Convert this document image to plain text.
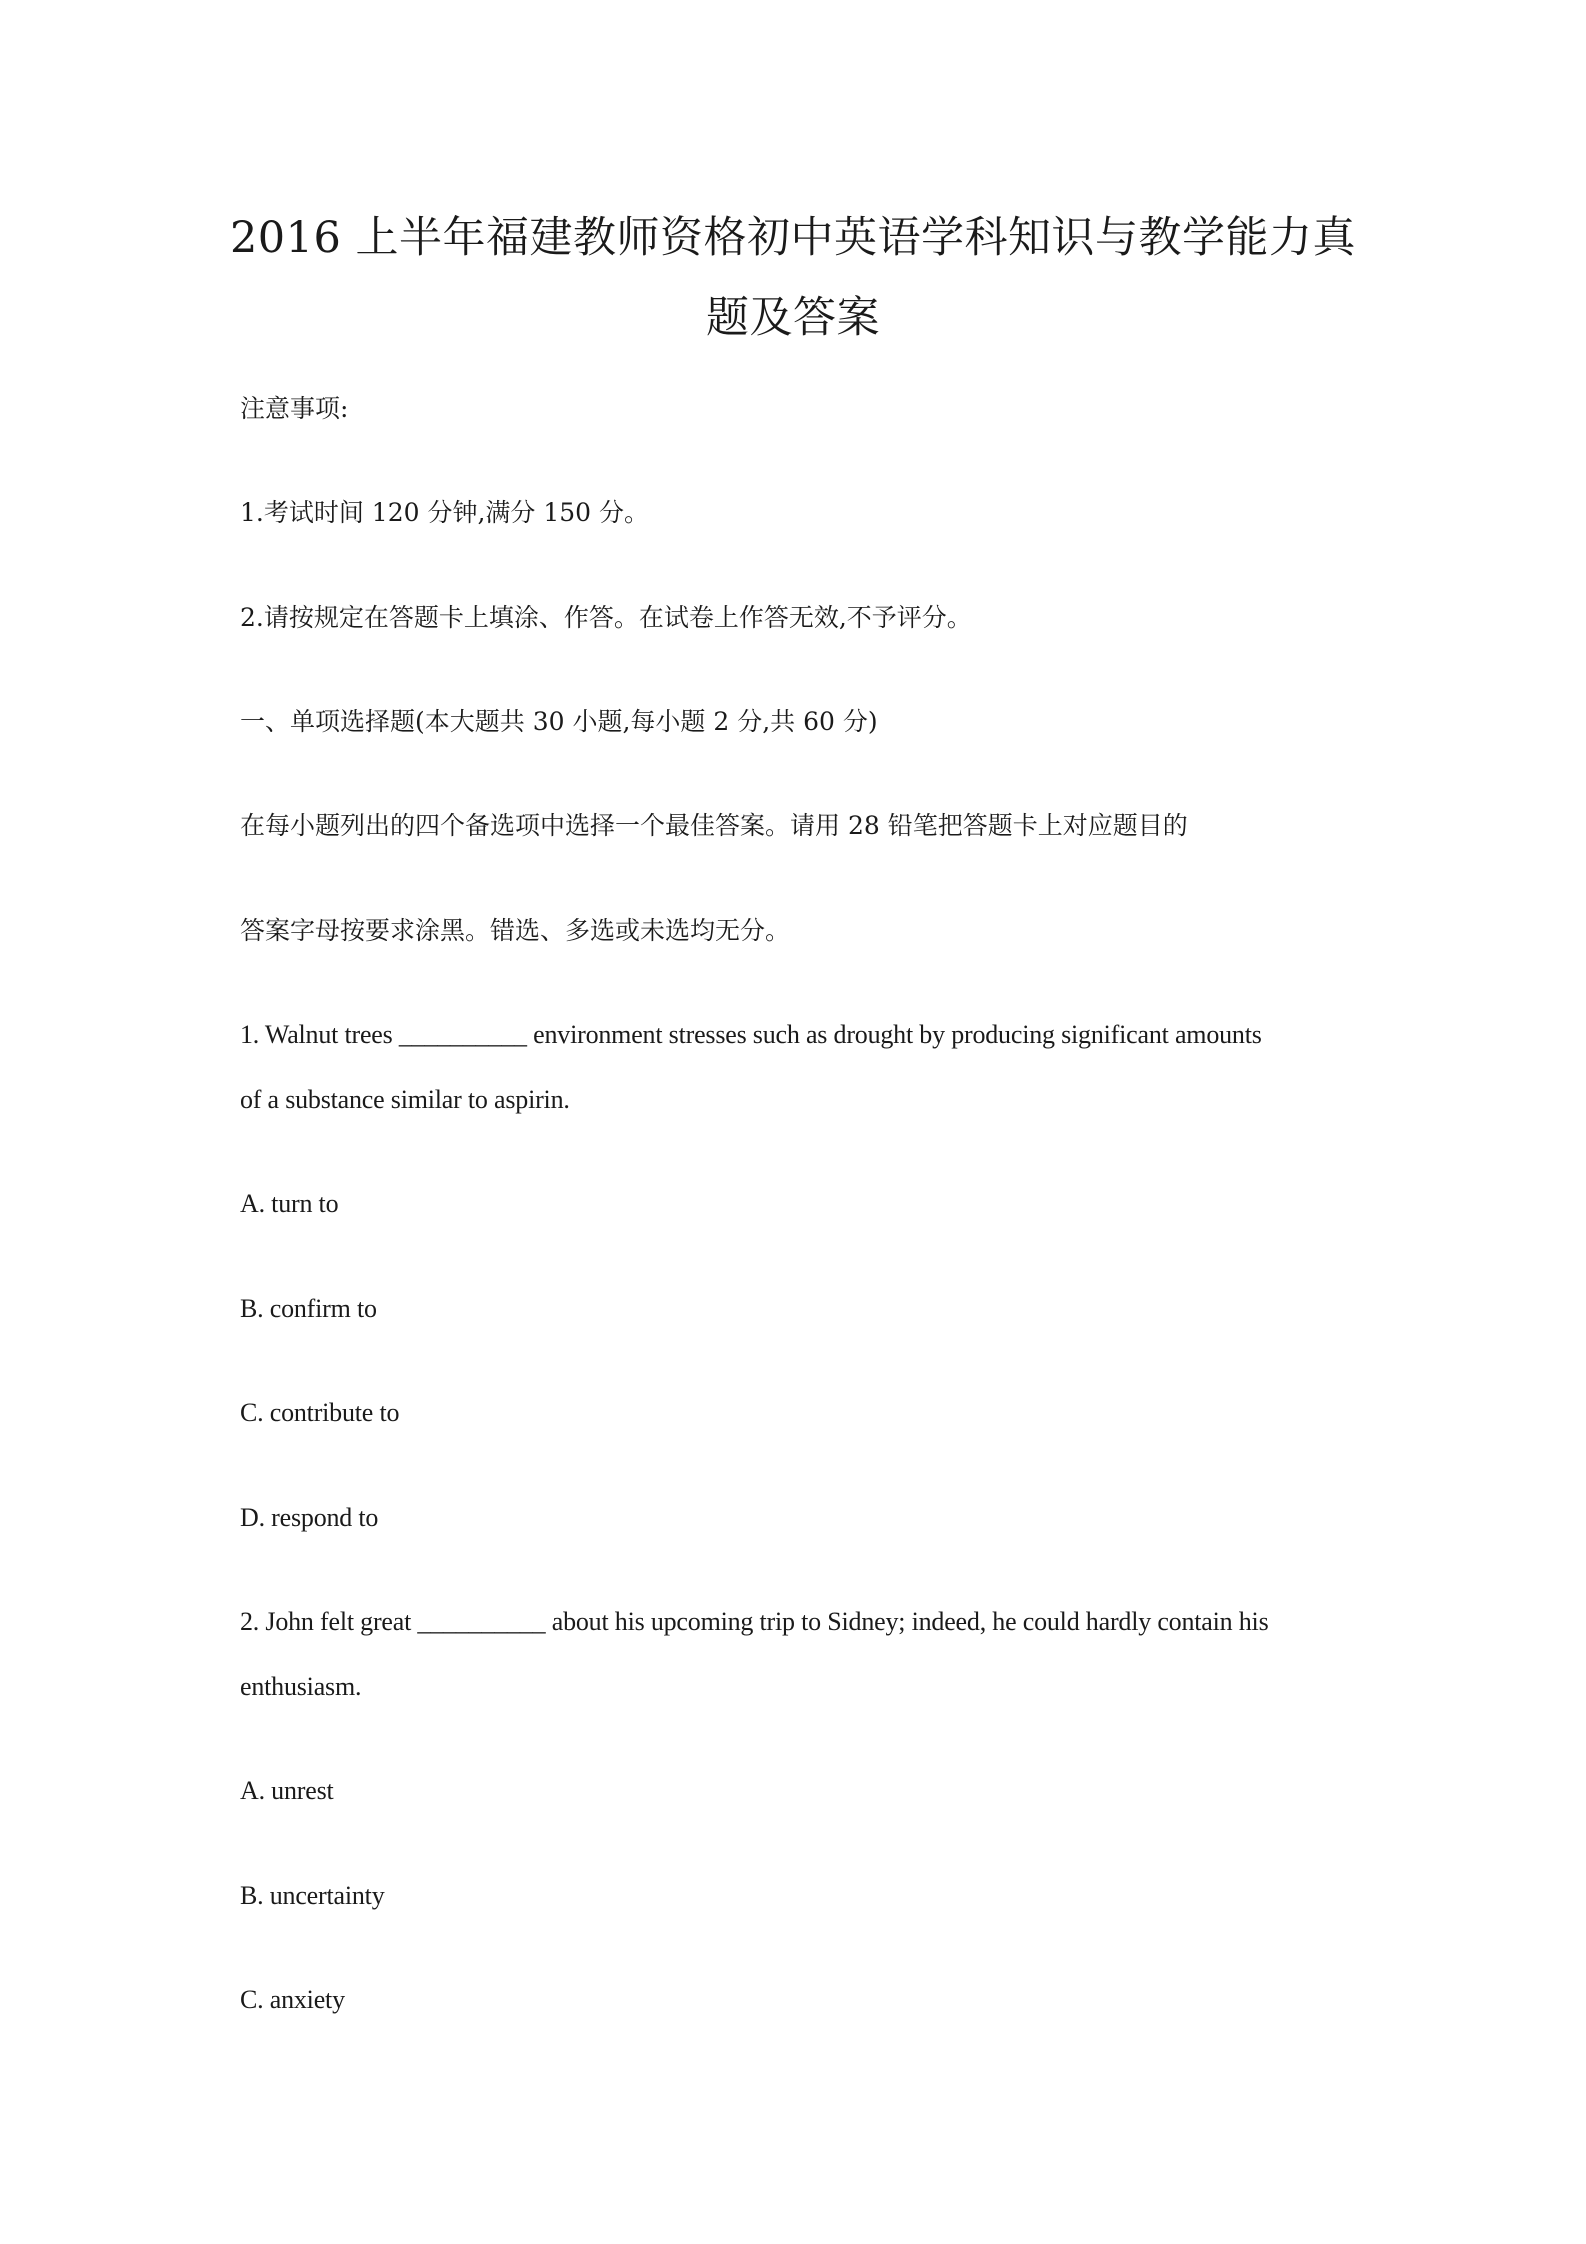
2016 上半年福建教师资格初中英语学科知识与教学能力真
题及答案
注意事项:
1.考试时间 120 分钟,满分 150 分。
2.请按规定在答题卡上填涂、作答。在试卷上作答无效,不予评分。
一、单项选择题(本大题共 30 小题,每小题 2 分,共 60 分)
在每小题列出的四个备选项中选择一个最佳答案。请用 28 铅笔把答题卡上对应题目的
答案字母按要求涂黑。错选、多选或未选均无分。
1. Walnut trees __________ environment stresses such as drought by producing significant amounts
of a substance similar to aspirin.
A. turn to
B. confirm to
C. contribute to
D. respond to
2. John felt great __________ about his upcoming trip to Sidney; indeed, he could hardly contain his
enthusiasm.
A. unrest
B. uncertainty
C. anxiety
